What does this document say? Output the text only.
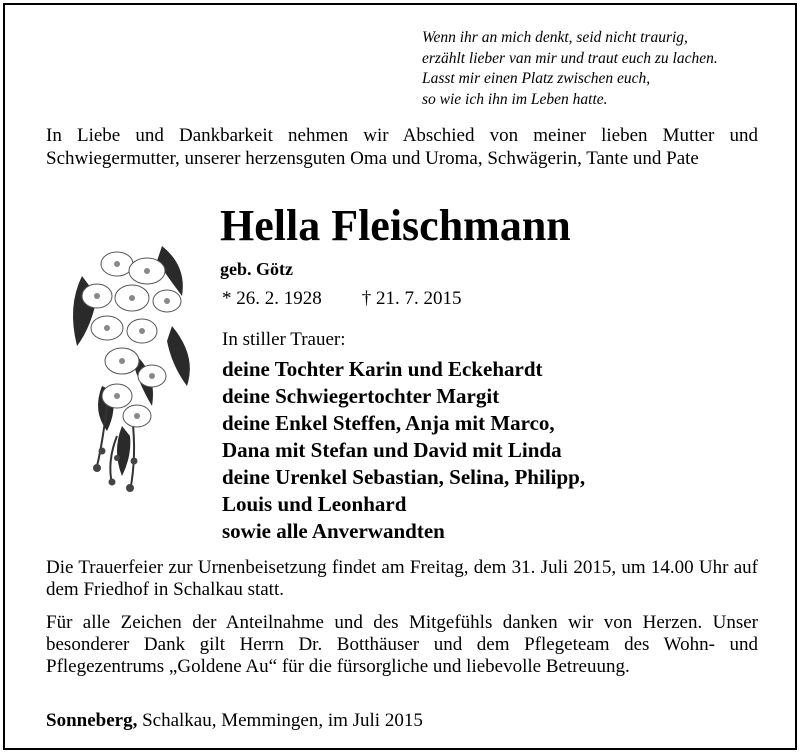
Wenn ihr an mich denkt, seid nicht traurig,
erzählt lieber van mir und traut euch zu lachen.
Lasst mir einen Platz zwischen euch,
so wie ich ihn im Leben hatte.
In Liebe und Dankbarkeit nehmen wir Abschied von meiner lieben Mutter und Schwiegermutter, unserer herzensguten Oma und Uroma, Schwägerin, Tante und Pate
Hella Fleischmann
geb. Götz
* 26. 2. 1928 † 21. 7. 2015
In stiller Trauer:
deine Tochter Karin und Eckehardt
deine Schwiegertochter Margit
deine Enkel Steffen, Anja mit Marco,
Dana mit Stefan und David mit Linda
deine Urenkel Sebastian, Selina, Philipp,
Louis und Leonhard
sowie alle Anverwandten
Die Trauerfeier zur Urnenbeisetzung findet am Freitag, dem 31. Juli 2015, um 14.00 Uhr auf dem Friedhof in Schalkau statt.
Für alle Zeichen der Anteilnahme und des Mitgefühls danken wir von Herzen. Unser besonderer Dank gilt Herrn Dr. Botthäuser und dem Pflegeteam des Wohn- und Pflegezentrums „Goldene Au“ für die fürsorgliche und liebevolle Betreuung.
Sonneberg, Schalkau, Memmingen, im Juli 2015
